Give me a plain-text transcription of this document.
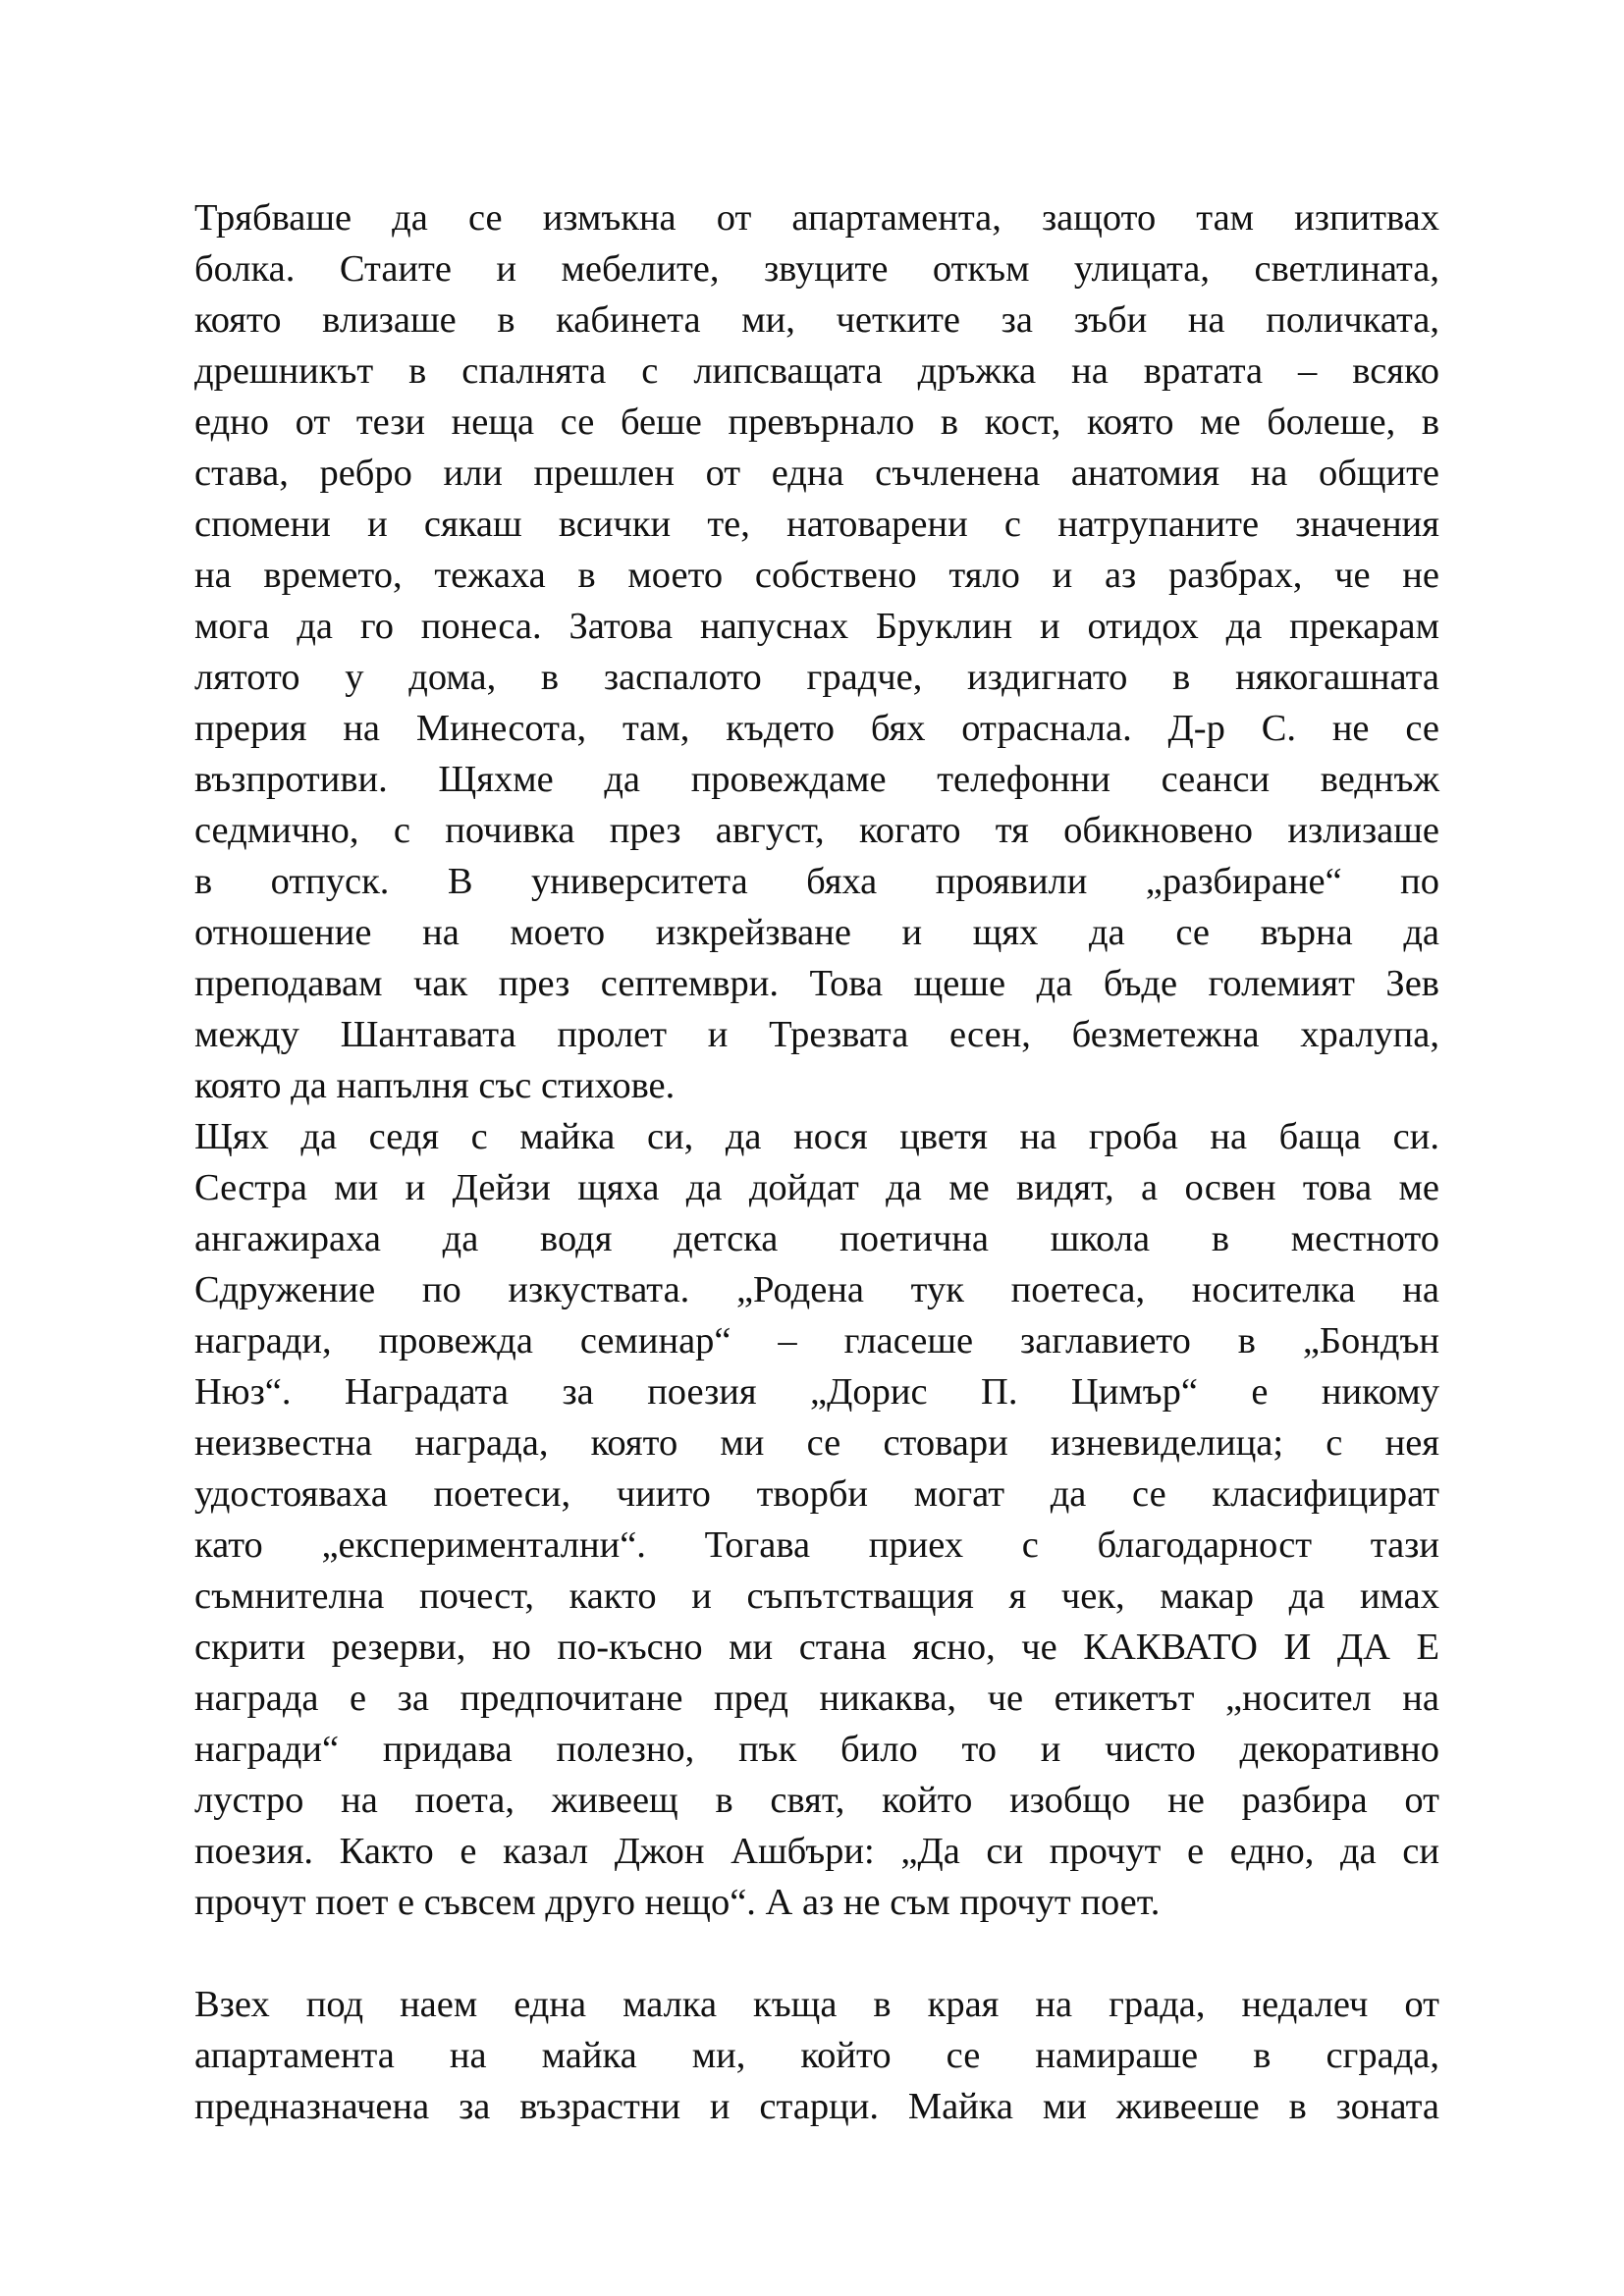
Трябваше да се измъкна от апартамента, защото там изпитвах
болка. Стаите и мебелите, звуците откъм улицата, светлината,
която влизаше в кабинета ми, четките за зъби на поличката,
дрешникът в спалнята с липсващата дръжка на вратата – всяко
едно от тези неща се беше превърнало в кост, която ме болеше, в
става, ребро или прешлен от една съчленена анатомия на общите
спомени и сякаш всички те, натоварени с натрупаните значения
на времето, тежаха в моето собствено тяло и аз разбрах, че не
мога да го понеса. Затова напуснах Бруклин и отидох да прекарам
лятото у дома, в заспалото градче, издигнато в някогашната
прерия на Минесота, там, където бях отраснала. Д-р С. не се
възпротиви. Щяхме да провеждаме телефонни сеанси веднъж
седмично, с почивка през август, когато тя обикновено излизаше
в отпуск. В университета бяха проявили „разбиране“ по
отношение на моето изкрейзване и щях да се върна да
преподавам чак през септември. Това щеше да бъде големият Зев
между Шантавата пролет и Трезвата есен, безметежна хралупа,
която да напълня със стихове.
Щях да седя с майка си, да нося цветя на гроба на баща си.
Сестра ми и Дейзи щяха да дойдат да ме видят, а освен това ме
ангажираха да водя детска поетична школа в местното
Сдружение по изкуствата. „Родена тук поетеса, носителка на
награди, провежда семинар“ – гласеше заглавието в „Бондън
Нюз“. Наградата за поезия „Дорис П. Цимър“ е никому
неизвестна награда, която ми се стовари изневиделица; с нея
удостояваха поетеси, чиито творби могат да се класифицират
като „експериментални“. Тогава приех с благодарност тази
съмнителна почест, както и съпътстващия я чек, макар да имах
скрити резерви, но по-късно ми стана ясно, че КАКВАТО И ДА Е
награда е за предпочитане пред никаква, че етикетът „носител на
награди“ придава полезно, пък било то и чисто декоративно
лустро на поета, живеещ в свят, който изобщо не разбира от
поезия. Както е казал Джон Ашбъри: „Да си прочут е едно, да си
прочут поет е съвсем друго нещо“. А аз не съм прочут поет.
Взех под наем една малка къща в края на града, недалеч от
апартамента на майка ми, който се намираше в сграда,
предназначена за възрастни и старци. Майка ми живееше в зоната
